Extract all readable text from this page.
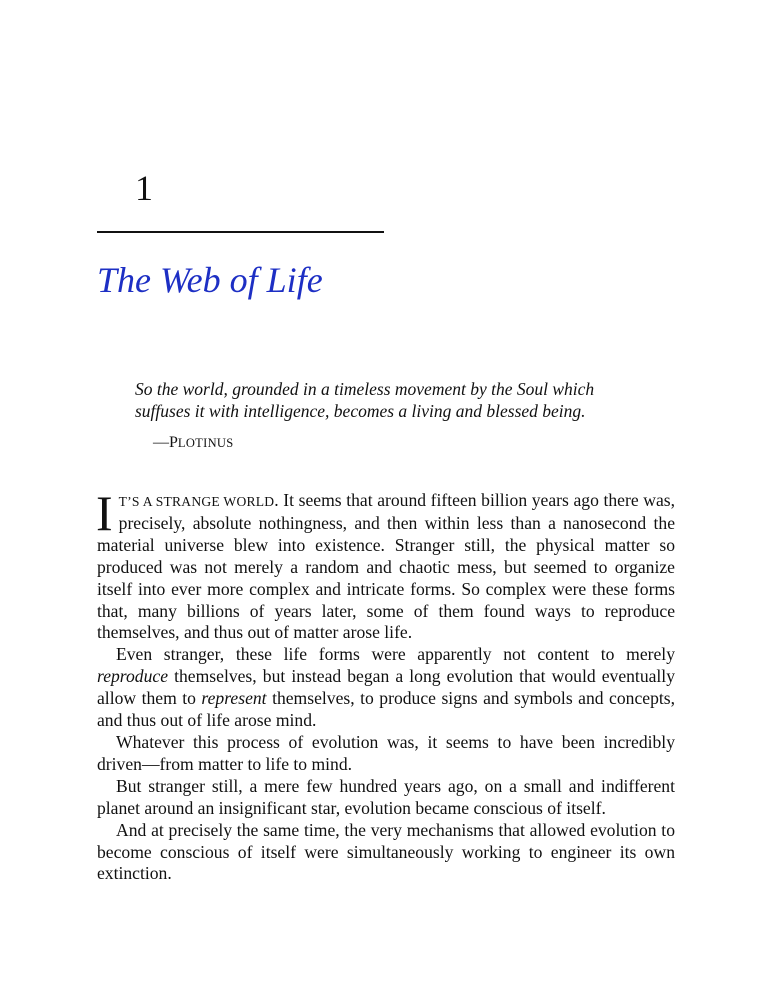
1
The Web of Life
So the world, grounded in a timeless movement by the Soul which
suffuses it with intelligence, becomes a living and blessed being.
—PLOTINUS

I T’S A STRANGE WORLD. It seems that around fifteen billion years ago there was, precisely, absolute nothingness, and then within less than a nanosecond the material universe blew into existence. Stranger still, the physical matter so produced was not merely a random and chaotic mess, but seemed to organize itself into ever more complex and intricate forms. So complex were these forms that, many billions of years later, some of them found ways to reproduce themselves, and thus out of matter arose life.

Even stranger, these life forms were apparently not content to merely reproduce themselves, but instead began a long evolution that would eventually allow them to represent themselves, to produce signs and symbols and concepts, and thus out of life arose mind.

Whatever this process of evolution was, it seems to have been incredibly driven—from matter to life to mind.

But stranger still, a mere few hundred years ago, on a small and indifferent planet around an insignificant star, evolution became conscious of itself.

And at precisely the same time, the very mechanisms that allowed evolution to become conscious of itself were simultaneously working to engineer its own extinction.
